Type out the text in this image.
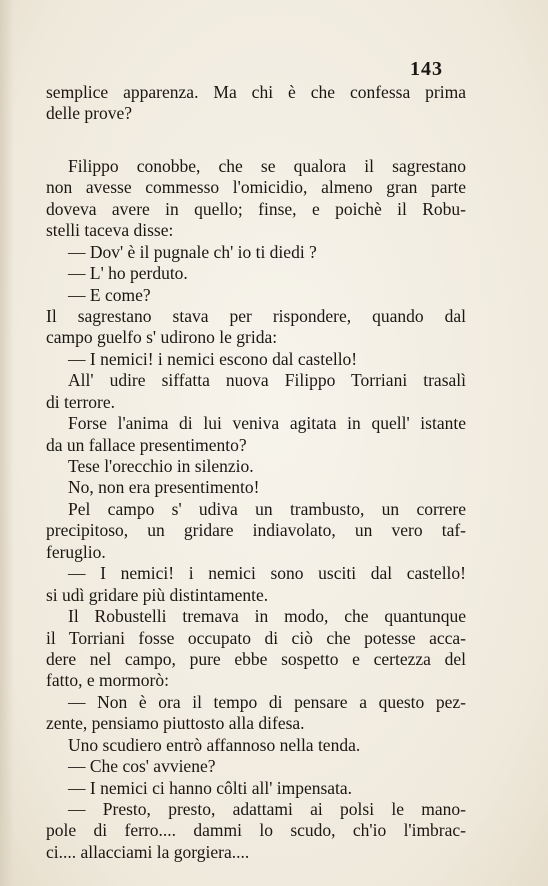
143
semplice apparenza. Ma chi è che confessa prima
delle prove?
Filippo conobbe, che se qualora il sagrestano
non avesse commesso l'omicidio, almeno gran parte
doveva avere in quello; finse, e poichè il Robu-
stelli taceva disse:
— Dov' è il pugnale ch' io ti diedi ?
— L' ho perduto.
— E come?
Il sagrestano stava per rispondere, quando dal
campo guelfo s' udirono le grida:
— I nemici! i nemici escono dal castello!
All' udire siffatta nuova Filippo Torriani trasalì
di terrore.
Forse l'anima di lui veniva agitata in quell' istante
da un fallace presentimento?
Tese l'orecchio in silenzio.
No, non era presentimento!
Pel campo s' udiva un trambusto, un correre
precipitoso, un gridare indiavolato, un vero taf-
feruglio.
— I nemici! i nemici sono usciti dal castello!
si udì gridare più distintamente.
Il Robustelli tremava in modo, che quantunque
il Torriani fosse occupato di ciò che potesse acca-
dere nel campo, pure ebbe sospetto e certezza del
fatto, e mormorò:
— Non è ora il tempo di pensare a questo pez-
zente, pensiamo piuttosto alla difesa.
Uno scudiero entrò affannoso nella tenda.
— Che cos' avviene?
— I nemici ci hanno côlti all' impensata.
— Presto, presto, adattami ai polsi le mano-
pole di ferro.... dammi lo scudo, ch'io l'imbrac-
ci.... allacciami la gorgiera....
